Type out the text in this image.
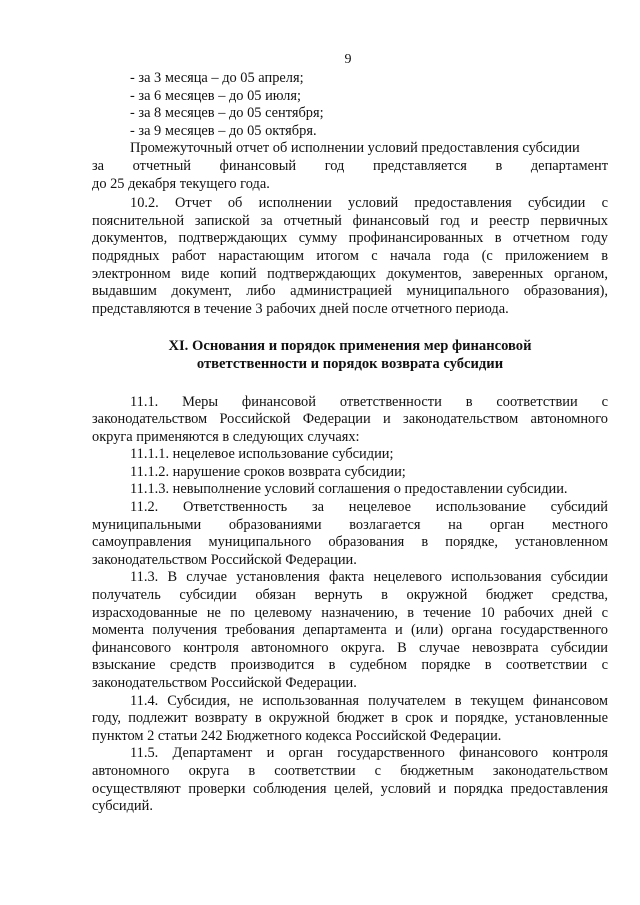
9
- за 3 месяца – до 05 апреля;
- за 6 месяцев – до 05 июля;
- за 8 месяцев – до 05 сентября;
- за 9 месяцев – до 05 октября.
Промежуточный отчет об исполнении условий предоставления субсидии
за отчетный финансовый год представляется в департамент
до 25 декабря текущего года.
10.2. Отчет об исполнении условий предоставления субсидии с
пояснительной запиской за отчетный финансовый год и реестр первичных
документов, подтверждающих сумму профинансированных в отчетном году
подрядных работ нарастающим итогом с начала года (с приложением в
электронном виде копий подтверждающих документов, заверенных органом,
выдавшим документ, либо администрацией муниципального образования),
представляются в течение 3 рабочих дней после отчетного периода.
XI. Основания и порядок применения мер финансовой
ответственности и порядок возврата субсидии
11.1. Меры финансовой ответственности в соответствии с
законодательством Российской Федерации и законодательством автономного
округа применяются в следующих случаях:
11.1.1. нецелевое использование субсидии;
11.1.2. нарушение сроков возврата субсидии;
11.1.3. невыполнение условий соглашения о предоставлении субсидии.
11.2. Ответственность за нецелевое использование субсидий
муниципальными образованиями возлагается на орган местного
самоуправления муниципального образования в порядке, установленном
законодательством Российской Федерации.
11.3. В случае установления факта нецелевого использования субсидии
получатель субсидии обязан вернуть в окружной бюджет средства,
израсходованные не по целевому назначению, в течение 10 рабочих дней с
момента получения требования департамента и (или) органа государственного
финансового контроля автономного округа. В случае невозврата субсидии
взыскание средств производится в судебном порядке в соответствии с
законодательством Российской Федерации.
11.4. Субсидия, не использованная получателем в текущем финансовом
году, подлежит возврату в окружной бюджет в срок и порядке, установленные
пунктом 2 статьи 242 Бюджетного кодекса Российской Федерации.
11.5. Департамент и орган государственного финансового контроля
автономного округа в соответствии с бюджетным законодательством
осуществляют проверки соблюдения целей, условий и порядка предоставления
субсидий.
